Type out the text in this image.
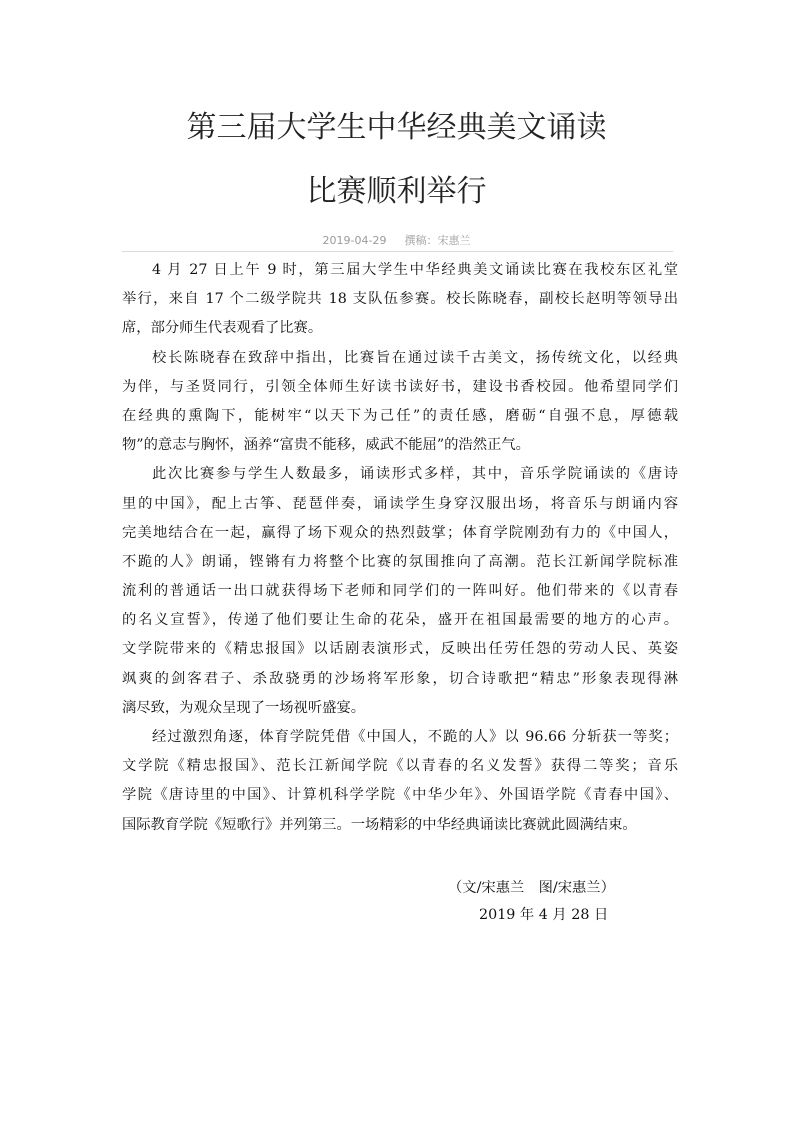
第三届大学生中华经典美文诵读
比赛顺利举行
2019-04-29 撰稿：宋惠兰
4 月 27 日上午 9 时，第三届大学生中华经典美文诵读比赛在我校东区礼堂
举行，来自 17 个二级学院共 18 支队伍参赛。校长陈晓春，副校长赵明等领导出
席，部分师生代表观看了比赛。
校长陈晓春在致辞中指出，比赛旨在通过读千古美文，扬传统文化，以经典
为伴，与圣贤同行，引领全体师生好读书读好书，建设书香校园。他希望同学们
在经典的熏陶下，能树牢“以天下为己任”的责任感，磨砺“自强不息，厚德载
物”的意志与胸怀，涵养“富贵不能移，威武不能屈”的浩然正气。
此次比赛参与学生人数最多，诵读形式多样，其中，音乐学院诵读的《唐诗
里的中国》，配上古筝、琵琶伴奏，诵读学生身穿汉服出场，将音乐与朗诵内容
完美地结合在一起，赢得了场下观众的热烈鼓掌；体育学院刚劲有力的《中国人，
不跪的人》朗诵，铿锵有力将整个比赛的氛围推向了高潮。范长江新闻学院标准
流利的普通话一出口就获得场下老师和同学们的一阵叫好。他们带来的《以青春
的名义宣誓》，传递了他们要让生命的花朵，盛开在祖国最需要的地方的心声。
文学院带来的《精忠报国》以话剧表演形式，反映出任劳任怨的劳动人民、英姿
飒爽的剑客君子、杀敌骁勇的沙场将军形象，切合诗歌把“精忠”形象表现得淋
漓尽致，为观众呈现了一场视听盛宴。
经过激烈角逐，体育学院凭借《中国人，不跪的人》以 96.66 分斩获一等奖；
文学院《精忠报国》、范长江新闻学院《以青春的名义发誓》获得二等奖；音乐
学院《唐诗里的中国》、计算机科学学院《中华少年》、外国语学院《青春中国》、
国际教育学院《短歌行》并列第三。一场精彩的中华经典诵读比赛就此圆满结束。
（文/宋惠兰　图/宋惠兰）
2019 年 4 月 28 日
